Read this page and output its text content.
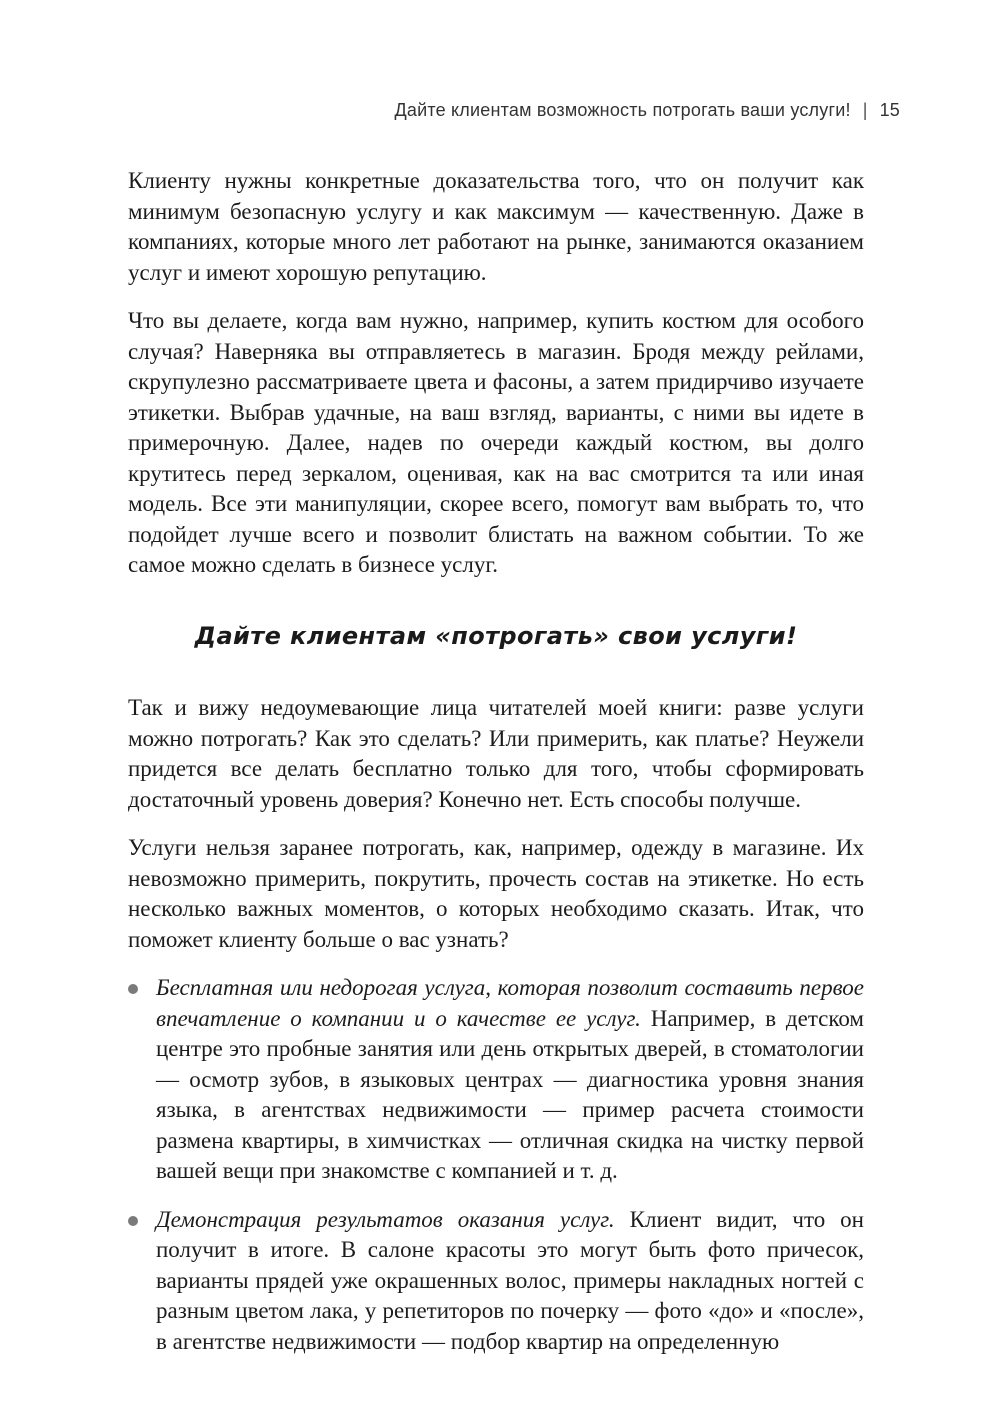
Дайте клиентам возможность потрогать ваши услуги! | 15

Клиенту нужны конкретные доказательства того, что он получит как минимум безопасную услугу и как максимум — качественную. Даже в компаниях, которые много лет работают на рынке, занимаются оказанием услуг и имеют хорошую репутацию.

Что вы делаете, когда вам нужно, например, купить костюм для особого случая? Наверняка вы отправляетесь в магазин. Бродя между рейлами, скрупулезно рассматриваете цвета и фасоны, а затем придирчиво изучаете этикетки. Выбрав удачные, на ваш взгляд, варианты, с ними вы идете в примерочную. Далее, надев по очереди каждый костюм, вы долго крутитесь перед зеркалом, оценивая, как на вас смотрится та или иная модель. Все эти манипуляции, скорее всего, помогут вам выбрать то, что подойдет лучше всего и позволит блистать на важном событии. То же самое можно сделать в бизнесе услуг.

Дайте клиентам «потрогать» свои услуги!

Так и вижу недоумевающие лица читателей моей книги: разве услуги можно потрогать? Как это сделать? Или примерить, как платье? Неужели придется все делать бесплатно только для того, чтобы сформировать достаточный уровень доверия? Конечно нет. Есть способы получше.

Услуги нельзя заранее потрогать, как, например, одежду в магазине. Их невозможно примерить, покрутить, прочесть состав на этикетке. Но есть несколько важных моментов, о которых необходимо сказать. Итак, что поможет клиенту больше о вас узнать?

Бесплатная или недорогая услуга, которая позволит составить первое впечатление о компании и о качестве ее услуг. Например, в детском центре это пробные занятия или день открытых дверей, в стоматологии — осмотр зубов, в языковых центрах — диагностика уровня знания языка, в агентствах недвижимости — пример расчета стоимости размена квартиры, в химчистках — отличная скидка на чистку первой вашей вещи при знакомстве с компанией и т. д.
Демонстрация результатов оказания услуг. Клиент видит, что он получит в итоге. В салоне красоты это могут быть фото причесок, варианты прядей уже окрашенных волос, примеры накладных ногтей с разным цветом лака, у репетиторов по почерку — фото «до» и «после», в агентстве недвижимости — подбор квартир на определенную
